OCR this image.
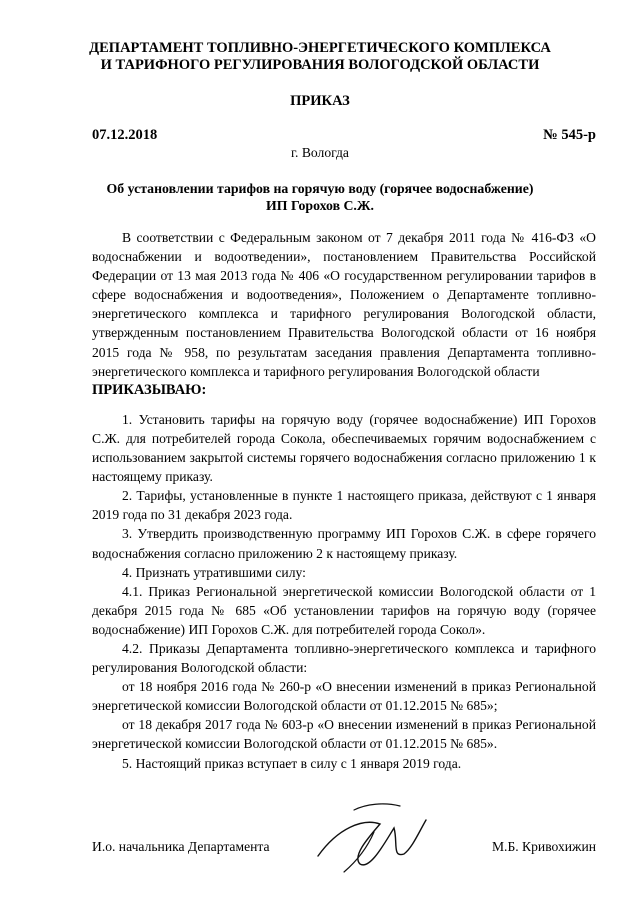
ДЕПАРТАМЕНТ ТОПЛИВНО-ЭНЕРГЕТИЧЕСКОГО КОМПЛЕКСА
И ТАРИФНОГО РЕГУЛИРОВАНИЯ ВОЛОГОДСКОЙ ОБЛАСТИ
ПРИКАЗ
07.12.2018	№ 545-р
г. Вологда
Об установлении тарифов на горячую воду (горячее водоснабжение)
ИП Горохов С.Ж.

В соответствии с Федеральным законом от 7 декабря 2011 года № 416-ФЗ «О водоснабжении и водоотведении», постановлением Правительства Российской Федерации от 13 мая 2013 года № 406 «О государственном регулировании тарифов в сфере водоснабжения и водоотведения», Положением о Департаменте топливно-энергетического комплекса и тарифного регулирования Вологодской области, утвержденным постановлением Правительства Вологодской области от 16 ноября 2015 года № 958, по результатам заседания правления Департамента топливно-энергетического комплекса и тарифного регулирования Вологодской области

ПРИКАЗЫВАЮ:

1. Установить тарифы на горячую воду (горячее водоснабжение) ИП Горохов С.Ж. для потребителей города Сокола, обеспечиваемых горячим водоснабжением с использованием закрытой системы горячего водоснабжения согласно приложению 1 к настоящему приказу.

2. Тарифы, установленные в пункте 1 настоящего приказа, действуют с 1 января 2019 года по 31 декабря 2023 года.

3. Утвердить производственную программу ИП Горохов С.Ж. в сфере горячего водоснабжения согласно приложению 2 к настоящему приказу.

4. Признать утратившими силу:

4.1. Приказ Региональной энергетической комиссии Вологодской области от 1 декабря 2015 года № 685 «Об установлении тарифов на горячую воду (горячее водоснабжение) ИП Горохов С.Ж. для потребителей города Сокол».

4.2. Приказы Департамента топливно-энергетического комплекса и тарифного регулирования Вологодской области:

от 18 ноября 2016 года № 260-р «О внесении изменений в приказ Региональной энергетической комиссии Вологодской области от 01.12.2015 № 685»;

от 18 декабря 2017 года № 603-р «О внесении изменений в приказ Региональной энергетической комиссии Вологодской области от 01.12.2015 № 685».

5. Настоящий приказ вступает в силу с 1 января 2019 года.

И.о. начальника Департамента	М.Б. Кривохижин
